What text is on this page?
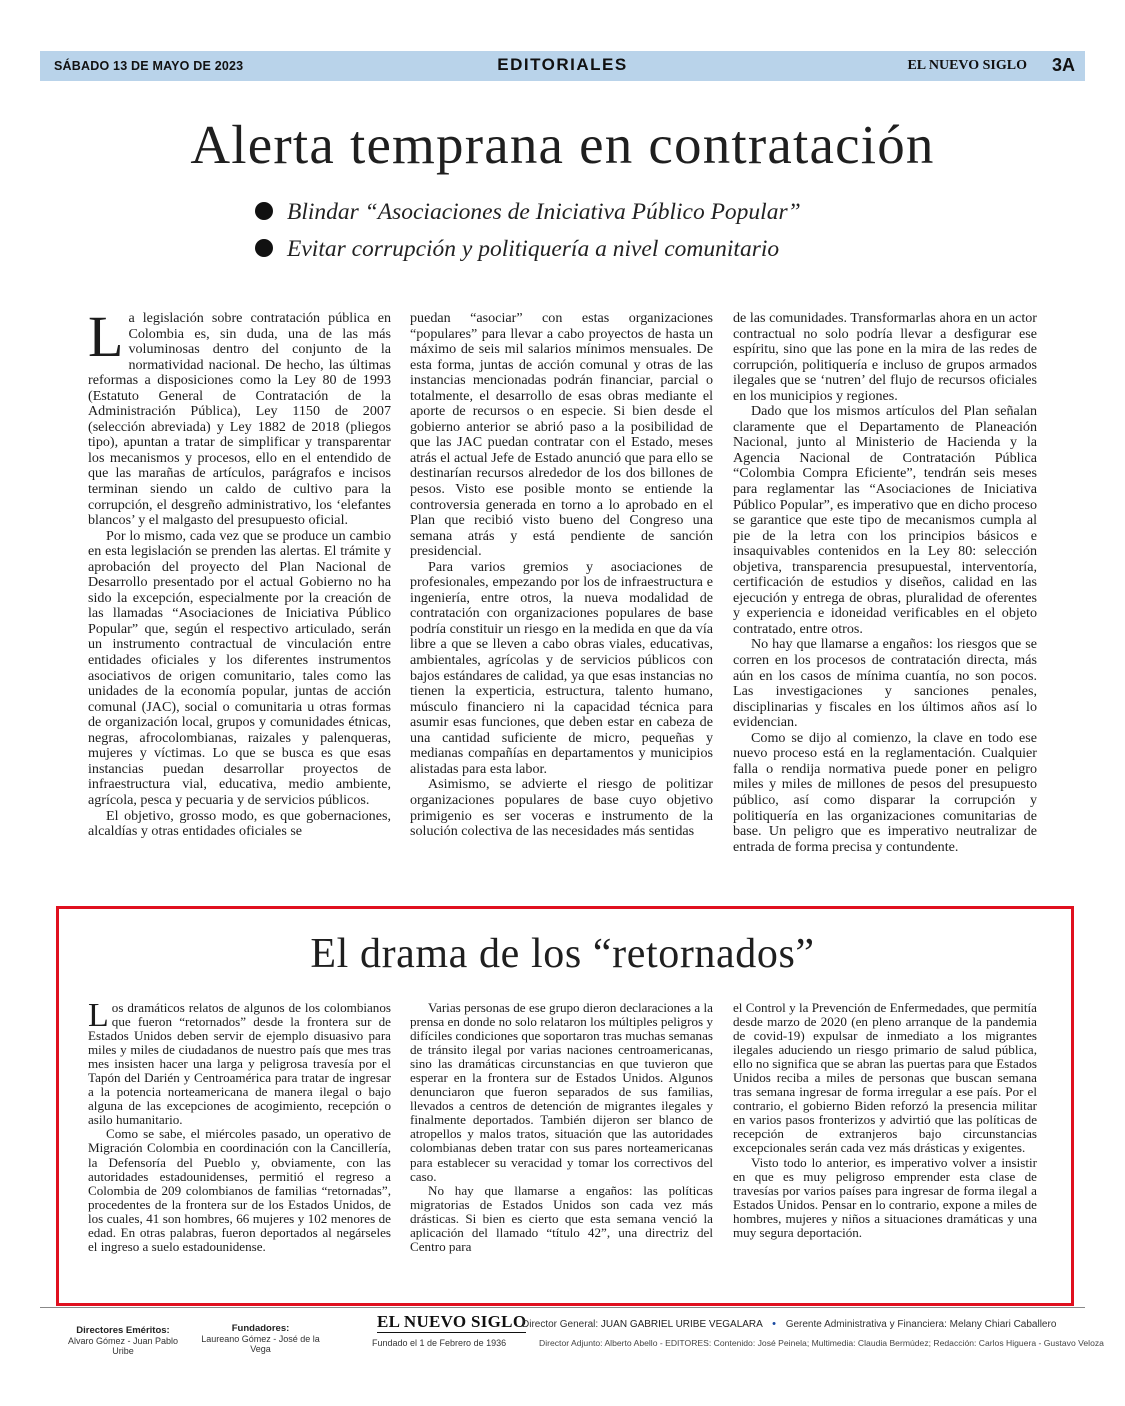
SÁBADO 13 DE MAYO DE 2023	EDITORIALES	EL NUEVO SIGLO 3A
Alerta temprana en contratación
Blindar “Asociaciones de Iniciativa Público Popular”
Evitar corrupción y politiquería a nivel comunitario

La legislación sobre contratación pública en Colombia es, sin duda, una de las más voluminosas dentro del conjunto de la normatividad nacional. De hecho, las últimas reformas a disposiciones como la Ley 80 de 1993 (Estatuto General de Contratación de la Administración Pública), Ley 1150 de 2007 (selección abreviada) y Ley 1882 de 2018 (pliegos tipo), apuntan a tratar de simplificar y transparentar los mecanismos y procesos, ello en el entendido de que las marañas de artículos, parágrafos e incisos terminan siendo un caldo de cultivo para la corrupción, el desgreño administrativo, los ‘elefantes blancos’ y el malgasto del presupuesto oficial.

Por lo mismo, cada vez que se produce un cambio en esta legislación se prenden las alertas. El trámite y aprobación del proyecto del Plan Nacional de Desarrollo presentado por el actual Gobierno no ha sido la excepción, especialmente por la creación de las llamadas “Asociaciones de Iniciativa Público Popular” que, según el respectivo articulado, serán un instrumento contractual de vinculación entre entidades oficiales y los diferentes instrumentos asociativos de origen comunitario, tales como las unidades de la economía popular, juntas de acción comunal (JAC), social o comunitaria u otras formas de organización local, grupos y comunidades étnicas, negras, afrocolombianas, raizales y palenqueras, mujeres y víctimas. Lo que se busca es que esas instancias puedan desarrollar proyectos de infraestructura vial, educativa, medio ambiente, agrícola, pesca y pecuaria y de servicios públicos.

El objetivo, grosso modo, es que gobernaciones, alcaldías y otras entidades oficiales se

puedan “asociar” con estas organizaciones “populares” para llevar a cabo proyectos de hasta un máximo de seis mil salarios mínimos mensuales. De esta forma, juntas de acción comunal y otras de las instancias mencionadas podrán financiar, parcial o totalmente, el desarrollo de esas obras mediante el aporte de recursos o en especie. Si bien desde el gobierno anterior se abrió paso a la posibilidad de que las JAC puedan contratar con el Estado, meses atrás el actual Jefe de Estado anunció que para ello se destinarían recursos alrededor de los dos billones de pesos. Visto ese posible monto se entiende la controversia generada en torno a lo aprobado en el Plan que recibió visto bueno del Congreso una semana atrás y está pendiente de sanción presidencial.

Para varios gremios y asociaciones de profesionales, empezando por los de infraestructura e ingeniería, entre otros, la nueva modalidad de contratación con organizaciones populares de base podría constituir un riesgo en la medida en que da vía libre a que se lleven a cabo obras viales, educativas, ambientales, agrícolas y de servicios públicos con bajos estándares de calidad, ya que esas instancias no tienen la experticia, estructura, talento humano, músculo financiero ni la capacidad técnica para asumir esas funciones, que deben estar en cabeza de una cantidad suficiente de micro, pequeñas y medianas compañías en departamentos y municipios alistadas para esta labor.

Asimismo, se advierte el riesgo de politizar organizaciones populares de base cuyo objetivo primigenio es ser voceras e instrumento de la solución colectiva de las necesidades más sentidas

de las comunidades. Transformarlas ahora en un actor contractual no solo podría llevar a desfigurar ese espíritu, sino que las pone en la mira de las redes de corrupción, politiquería e incluso de grupos armados ilegales que se ‘nutren’ del flujo de recursos oficiales en los municipios y regiones.

Dado que los mismos artículos del Plan señalan claramente que el Departamento de Planeación Nacional, junto al Ministerio de Hacienda y la Agencia Nacional de Contratación Pública “Colombia Compra Eficiente”, tendrán seis meses para reglamentar las “Asociaciones de Iniciativa Público Popular”, es imperativo que en dicho proceso se garantice que este tipo de mecanismos cumpla al pie de la letra con los principios básicos e insaquivables contenidos en la Ley 80: selección objetiva, transparencia presupuestal, interventoría, certificación de estudios y diseños, calidad en las ejecución y entrega de obras, pluralidad de oferentes y experiencia e idoneidad verificables en el objeto contratado, entre otros.

No hay que llamarse a engaños: los riesgos que se corren en los procesos de contratación directa, más aún en los casos de mínima cuantía, no son pocos. Las investigaciones y sanciones penales, disciplinarias y fiscales en los últimos años así lo evidencian.

Como se dijo al comienzo, la clave en todo ese nuevo proceso está en la reglamentación. Cualquier falla o rendija normativa puede poner en peligro miles y miles de millones de pesos del presupuesto público, así como disparar la corrupción y politiquería en las organizaciones comunitarias de base. Un peligro que es imperativo neutralizar de entrada de forma precisa y contundente.

El drama de los “retornados”

Los dramáticos relatos de algunos de los colombianos que fueron “retornados” desde la frontera sur de Estados Unidos deben servir de ejemplo disuasivo para miles y miles de ciudadanos de nuestro país que mes tras mes insisten hacer una larga y peligrosa travesía por el Tapón del Darién y Centroamérica para tratar de ingresar a la potencia norteamericana de manera ilegal o bajo alguna de las excepciones de acogimiento, recepción o asilo humanitario.

Como se sabe, el miércoles pasado, un operativo de Migración Colombia en coordinación con la Cancillería, la Defensoría del Pueblo y, obviamente, con las autoridades estadounidenses, permitió el regreso a Colombia de 209 colombianos de familias “retornadas”, procedentes de la frontera sur de los Estados Unidos, de los cuales, 41 son hombres, 66 mujeres y 102 menores de edad. En otras palabras, fueron deportados al negárseles el ingreso a suelo estadounidense.

Varias personas de ese grupo dieron declaraciones a la prensa en donde no solo relataron los múltiples peligros y difíciles condiciones que soportaron tras muchas semanas de tránsito ilegal por varias naciones centroamericanas, sino las dramáticas circunstancias en que tuvieron que esperar en la frontera sur de Estados Unidos. Algunos denunciaron que fueron separados de sus familias, llevados a centros de detención de migrantes ilegales y finalmente deportados. También dijeron ser blanco de atropellos y malos tratos, situación que las autoridades colombianas deben tratar con sus pares norteamericanas para establecer su veracidad y tomar los correctivos del caso.

No hay que llamarse a engaños: las políticas migratorias de Estados Unidos son cada vez más drásticas. Si bien es cierto que esta semana venció la aplicación del llamado “título 42”, una directriz del Centro para

el Control y la Prevención de Enfermedades, que permitía desde marzo de 2020 (en pleno arranque de la pandemia de covid-19) expulsar de inmediato a los migrantes ilegales aduciendo un riesgo primario de salud pública, ello no significa que se abran las puertas para que Estados Unidos reciba a miles de personas que buscan semana tras semana ingresar de forma irregular a ese país. Por el contrario, el gobierno Biden reforzó la presencia militar en varios pasos fronterizos y advirtió que las políticas de recepción de extranjeros bajo circunstancias excepcionales serán cada vez más drásticas y exigentes.

Visto todo lo anterior, es imperativo volver a insistir en que es muy peligroso emprender esta clase de travesías por varios países para ingresar de forma ilegal a Estados Unidos. Pensar en lo contrario, expone a miles de hombres, mujeres y niños a situaciones dramáticas y una muy segura deportación.

Directores Eméritos:
Alvaro Gómez - Juan Pablo Uribe
Fundadores:
Laureano Gómez - José de la Vega
EL NUEVO SIGLO
Fundado el 1 de Febrero de 1936
Director General: JUAN GABRIEL URIBE VEGALARA • Gerente Administrativa y Financiera: Melany Chiari Caballero
Director Adjunto: Alberto Abello - EDITORES: Contenido: José Peinela; Multimedia: Claudia Bermúdez; Redacción: Carlos Higuera - Gustavo Veloza
